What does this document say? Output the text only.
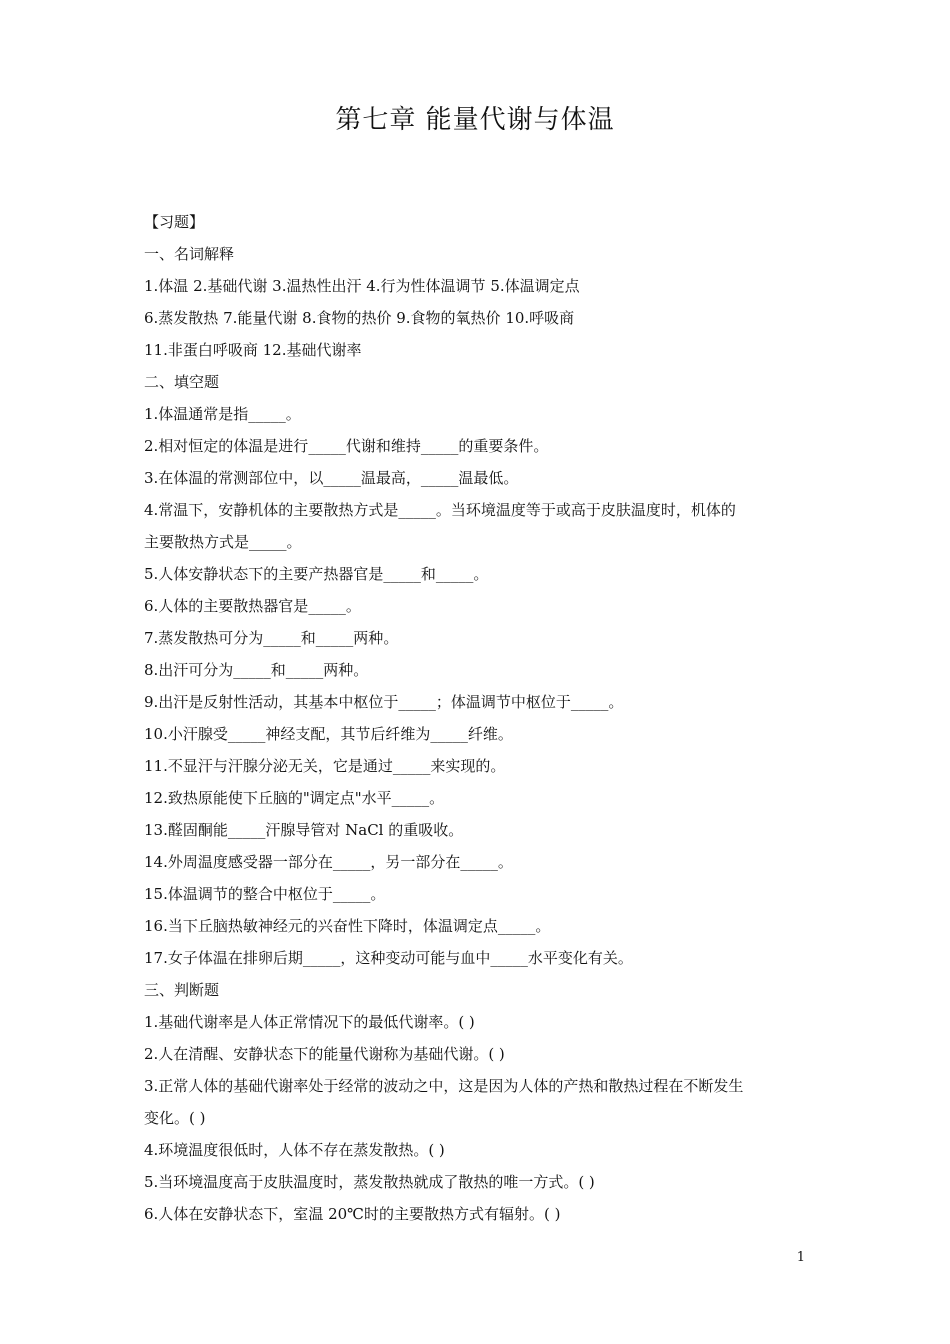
第七章 能量代谢与体温
【习题】
一、名词解释
1.体温 2.基础代谢 3.温热性出汗 4.行为性体温调节 5.体温调定点
6.蒸发散热 7.能量代谢 8.食物的热价 9.食物的氧热价 10.呼吸商
11.非蛋白呼吸商 12.基础代谢率
二、填空题
1.体温通常是指_____。
2.相对恒定的体温是进行_____代谢和维持_____的重要条件。
3.在体温的常测部位中，以_____温最高，_____温最低。
4.常温下，安静机体的主要散热方式是_____。当环境温度等于或高于皮肤温度时，机体的
主要散热方式是_____。
5.人体安静状态下的主要产热器官是_____和_____。
6.人体的主要散热器官是_____。
7.蒸发散热可分为_____和_____两种。
8.出汗可分为_____和_____两种。
9.出汗是反射性活动，其基本中枢位于_____；体温调节中枢位于_____。
10.小汗腺受_____神经支配，其节后纤维为_____纤维。
11.不显汗与汗腺分泌无关，它是通过_____来实现的。
12.致热原能使下丘脑的"调定点"水平_____。
13.醛固酮能_____汗腺导管对 NaCl 的重吸收。
14.外周温度感受器一部分在_____，另一部分在_____。
15.体温调节的整合中枢位于_____。
16.当下丘脑热敏神经元的兴奋性下降时，体温调定点_____。
17.女子体温在排卵后期_____，这种变动可能与血中_____水平变化有关。
三、判断题
1.基础代谢率是人体正常情况下的最低代谢率。( )
2.人在清醒、安静状态下的能量代谢称为基础代谢。( )
3.正常人体的基础代谢率处于经常的波动之中，这是因为人体的产热和散热过程在不断发生
变化。( )
4.环境温度很低时，人体不存在蒸发散热。( )
5.当环境温度高于皮肤温度时，蒸发散热就成了散热的唯一方式。( )
6.人体在安静状态下，室温 20℃时的主要散热方式有辐射。( )
1
